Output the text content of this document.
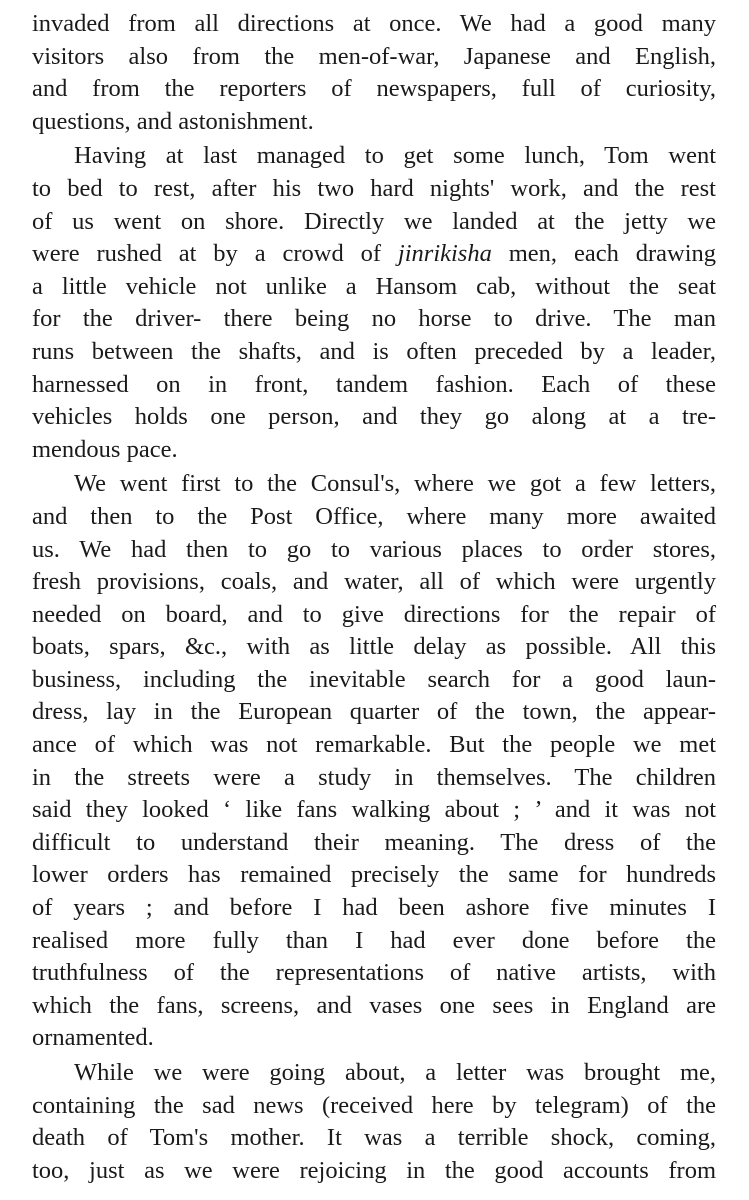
invaded from all directions at once. We had a good many
visitors also from the men-of-war, Japanese and English,
and from the reporters of newspapers, full of curiosity,
questions, and astonishment.
Having at last managed to get some lunch, Tom went
to bed to rest, after his two hard nights' work, and the rest
of us went on shore. Directly we landed at the jetty we
were rushed at by a crowd of jinrikisha men, each drawing
a little vehicle not unlike a Hansom cab, without the seat
for the driver- there being no horse to drive. The man
runs between the shafts, and is often preceded by a leader,
harnessed on in front, tandem fashion. Each of these
vehicles holds one person, and they go along at a tre-
mendous pace.
We went first to the Consul's, where we got a few letters,
and then to the Post Office, where many more awaited
us. We had then to go to various places to order stores,
fresh provisions, coals, and water, all of which were urgently
needed on board, and to give directions for the repair of
boats, spars, &c., with as little delay as possible. All this
business, including the inevitable search for a good laun-
dress, lay in the European quarter of the town, the appear-
ance of which was not remarkable. But the people we met
in the streets were a study in themselves. The children
said they looked ‘ like fans walking about ; ’ and it was not
difficult to understand their meaning. The dress of the
lower orders has remained precisely the same for hundreds
of years ; and before I had been ashore five minutes I
realised more fully than I had ever done before the
truthfulness of the representations of native artists, with
which the fans, screens, and vases one sees in England are
ornamented.
While we were going about, a letter was brought me,
containing the sad news (received here by telegram) of the
death of Tom's mother. It was a terrible shock, coming,
too, just as we were rejoicing in the good accounts from
